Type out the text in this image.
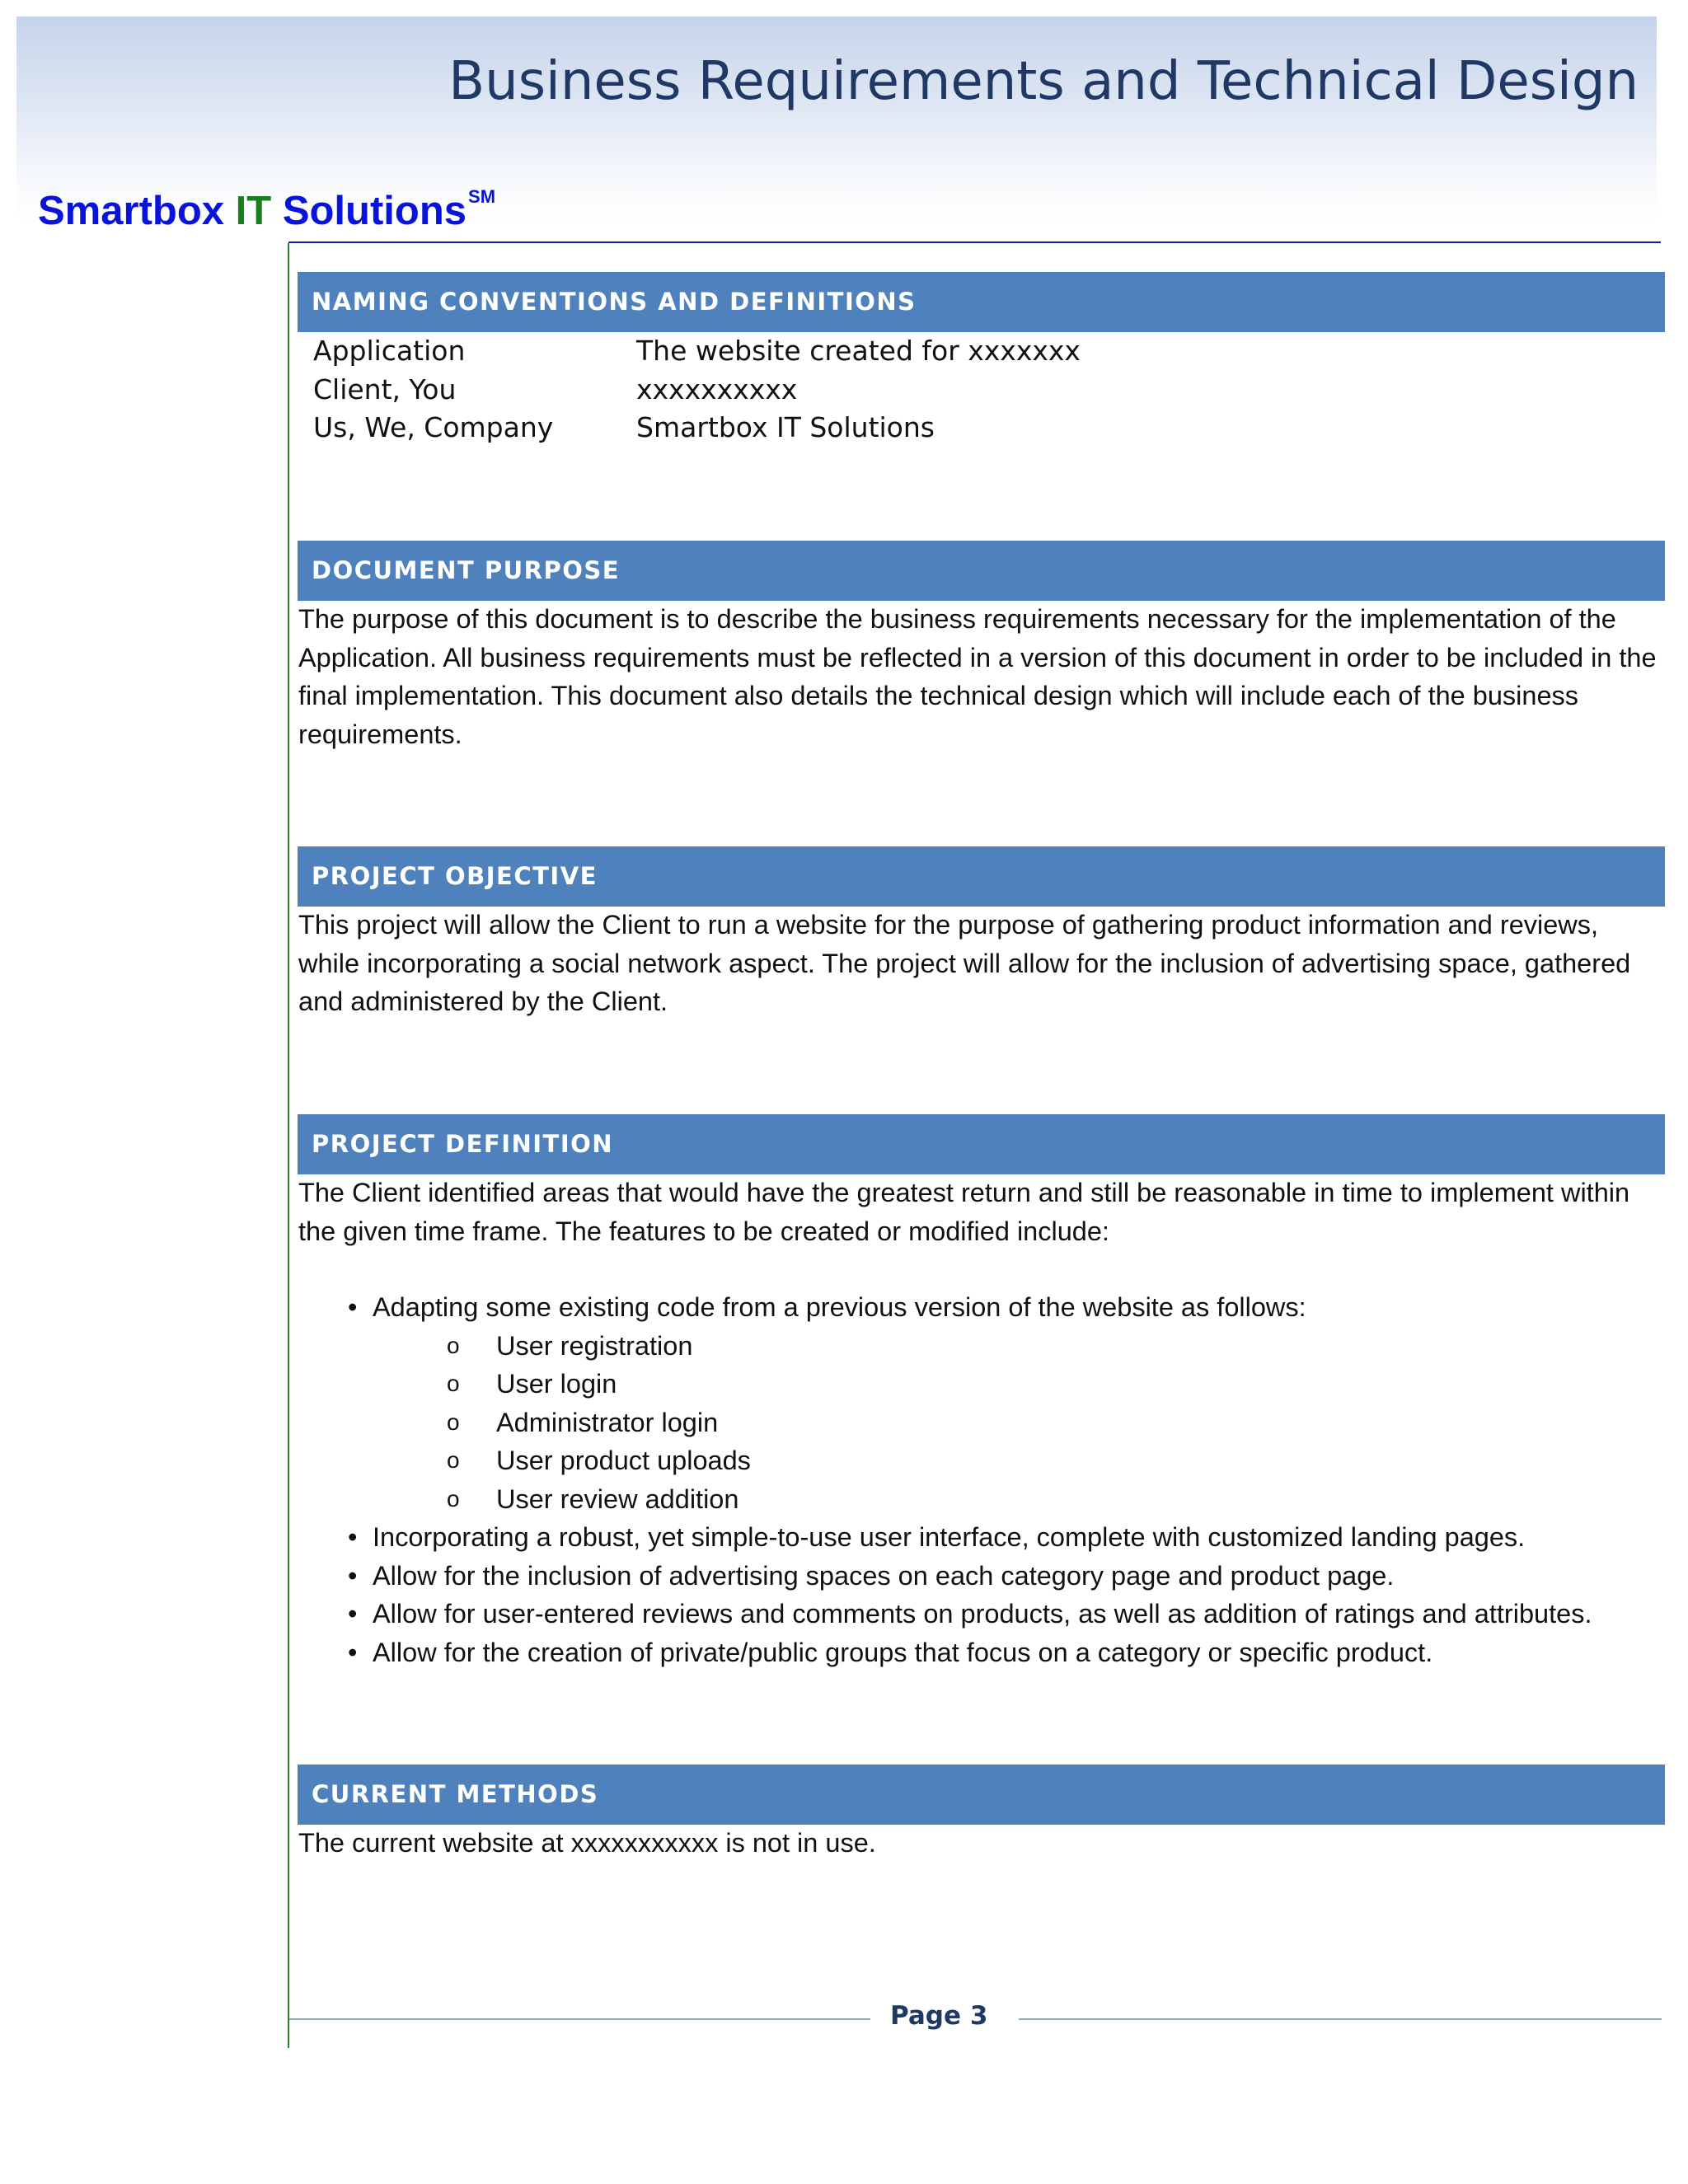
Business Requirements and Technical Design
Smartbox IT Solutions℠
NAMING CONVENTIONS AND DEFINITIONS
Application	The website created for xxxxxxx
Client, You	xxxxxxxxxx
Us, We, Company	Smartbox IT Solutions
DOCUMENT PURPOSE

The purpose of this document is to describe the business requirements necessary for the implementation of the Application. All business requirements must be reflected in a version of this document in order to be included in the final implementation. This document also details the technical design which will include each of the business requirements.

PROJECT OBJECTIVE

This project will allow the Client to run a website for the purpose of gathering product information and reviews, while incorporating a social network aspect. The project will allow for the inclusion of advertising space, gathered and administered by the Client.

PROJECT DEFINITION

The Client identified areas that would have the greatest return and still be reasonable in time to implement within the given time frame. The features to be created or modified include:

• Adapting some existing code from a previous version of the website as follows:
o User registration
o User login
o Administrator login
o User product uploads
o User review addition
• Incorporating a robust, yet simple-to-use user interface, complete with customized landing pages.
• Allow for the inclusion of advertising spaces on each category page and product page.
• Allow for user-entered reviews and comments on products, as well as addition of ratings and attributes.
• Allow for the creation of private/public groups that focus on a category or specific product.
CURRENT METHODS

The current website at xxxxxxxxxxx is not in use.

Page 3
